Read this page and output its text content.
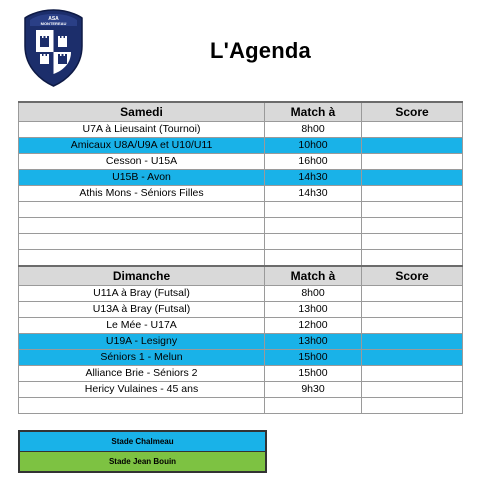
ASA
MONTEREAU
L'Agenda
Samedi	Match à	Score
U7A à Lieusaint (Tournoi)	8h00	
Amicaux U8A/U9A et U10/U11	10h00	
Cesson - U15A	16h00	
U15B - Avon	14h30	
Athis Mons - Séniors Filles	14h30	

Dimanche	Match à	Score
U11A à Bray (Futsal)	8h00	
U13A à Bray (Futsal)	13h00	
Le Mée - U17A	12h00	
U19A - Lesigny	13h00	
Séniors 1 - Melun	15h00	
Alliance Brie - Séniors 2	15h00	
Hericy Vulaines - 45 ans	9h30	

Stade Chalmeau
Stade Jean Bouin
